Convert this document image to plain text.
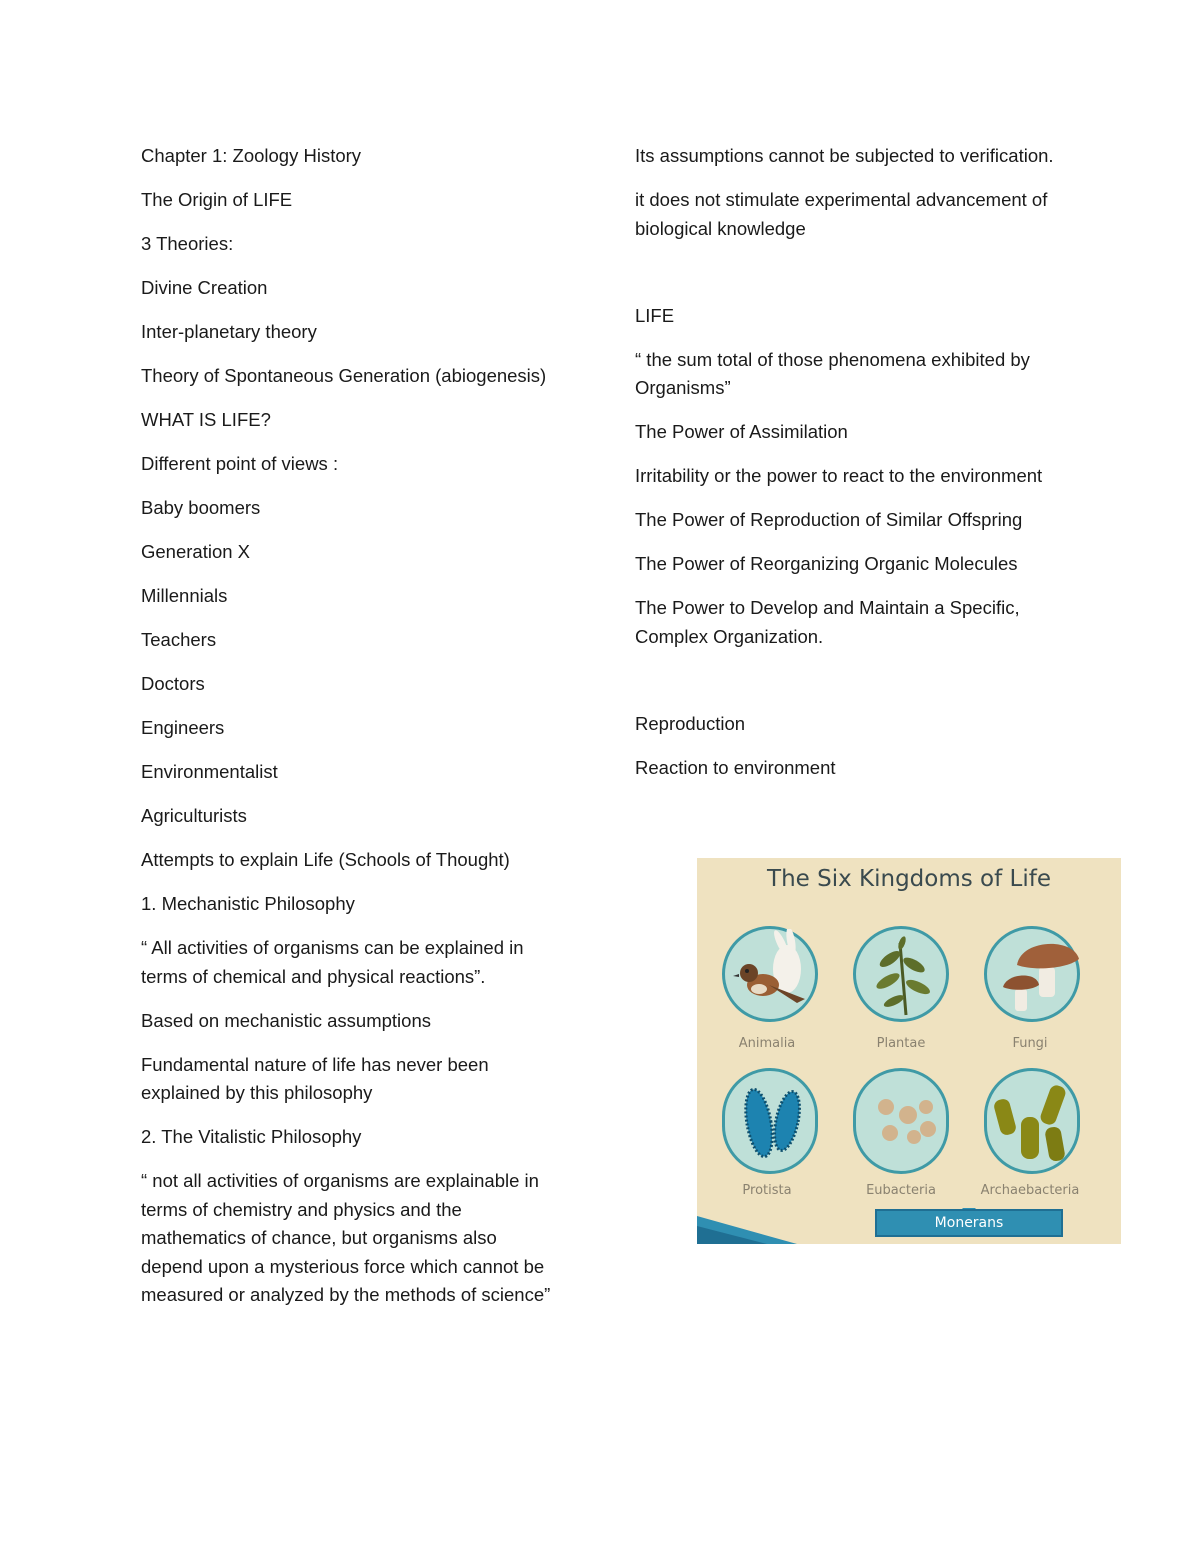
Chapter 1: Zoology History

The Origin of LIFE

3 Theories:

Divine Creation

Inter-planetary theory

Theory of Spontaneous Generation (abiogenesis)

WHAT IS LIFE?

Different point of views :

Baby boomers

Generation X

Millennials

Teachers

Doctors

Engineers

Environmentalist

Agriculturists

Attempts to explain Life (Schools of Thought)

1. Mechanistic Philosophy

“ All activities of organisms can be explained in terms of chemical and physical reactions”.

Based on mechanistic assumptions

Fundamental nature of life has never been explained by this philosophy

2. The Vitalistic Philosophy

“ not all activities of organisms are explainable in terms of chemistry and physics and the mathematics of chance, but organisms also depend upon a mysterious force which cannot be measured or analyzed by the methods of science”

Its assumptions cannot be subjected to verification.

it does not stimulate experimental advancement of biological knowledge

LIFE

“ the sum total of those phenomena exhibited by Organisms”

The Power of Assimilation

Irritability or the power to react to the environment

The Power of Reproduction of Similar Offspring

The Power of Reorganizing Organic Molecules

The Power to Develop and Maintain a Specific, Complex Organization.

Reproduction

Reaction to environment

The Six Kingdoms of Life
Animalia	Plantae	Fungi
Protista	Eubacteria	Archaebacteria
Monerans
